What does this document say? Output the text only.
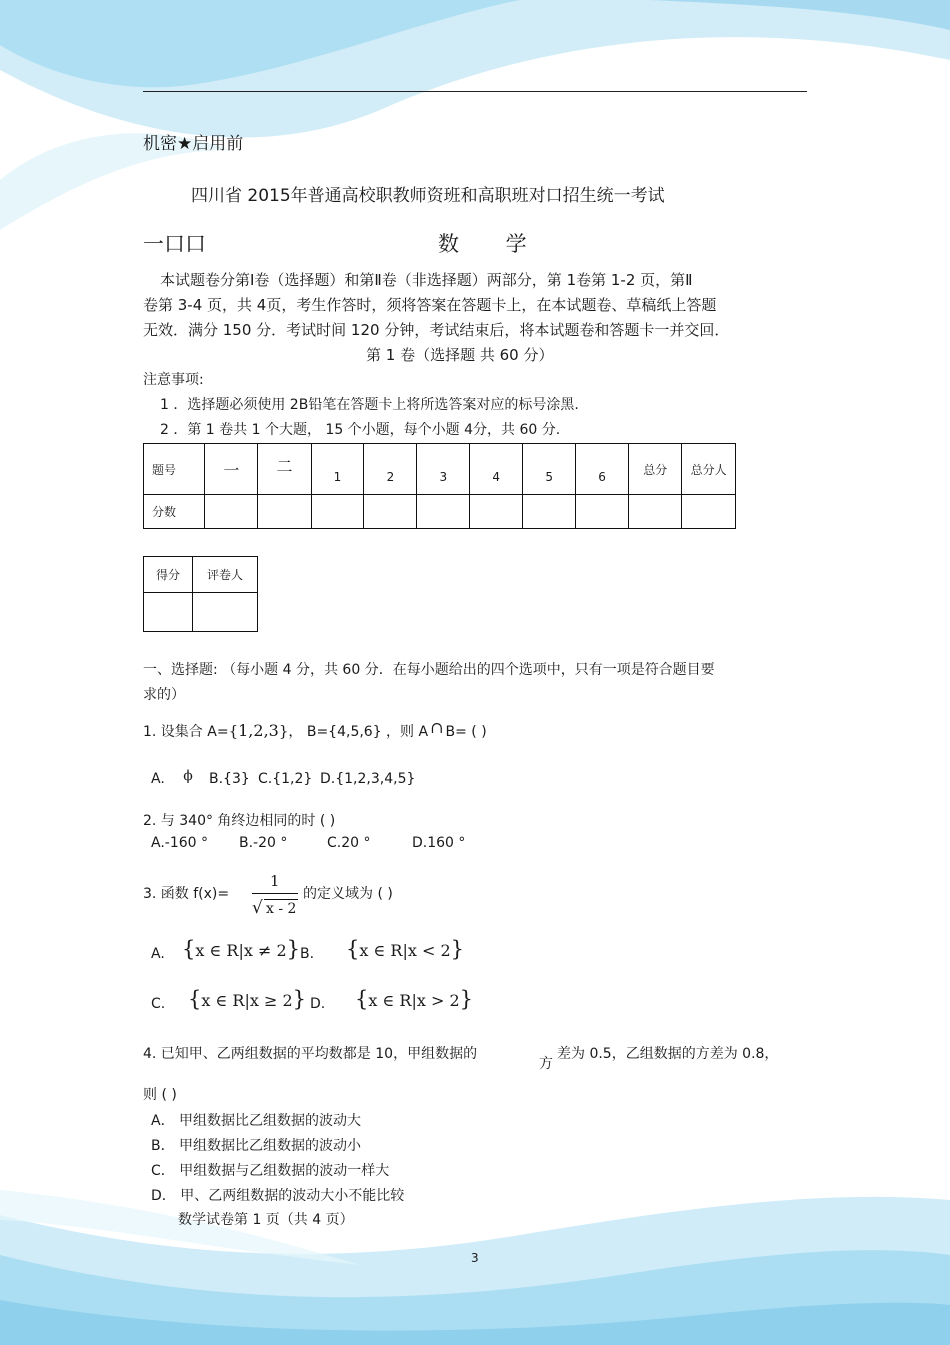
机密★启用前
四川省 2015年普通高校职教师资班和高职班对口招生统一考试
一口口	数 学
本试题卷分第Ⅰ卷（选择题）和第Ⅱ卷（非选择题）两部分，第 1卷第 1-2 页，第Ⅱ
卷第 3-4 页，共 4页，考生作答时，须将答案在答题卡上，在本试题卷、草稿纸上答题
无效．满分 150 分．考试时间 120 分钟，考试结束后，将本试题卷和答题卡一并交回．
第 1 卷（选择题 共 60 分）
注意事项:
1 ．选择题必须使用 2B铅笔在答题卡上将所选答案对应的标号涂黑.
2 ．第 1 卷共 1 个大题， 15 个小题，每个小题 4分，共 60 分.
题号	一	二	1	2	3	4	5	6	总分	总分人
分数										
得分	评卷人

一、选择题: （每小题 4 分，共 60 分．在每小题给出的四个选项中，只有一项是符合题目要
求的）
1. 设集合 A={1,2,3}， B={4,5,6} ，则 A ∩ B= ( )
A. ϕ B.{3} C.{1,2} D.{1,2,3,4,5}
2. 与 340° 角终边相同的时 ( )
A.-160 ° B.-20 °	C.20 °	D.160 °
3. 函数 f(x)=
1
√ x - 2
的定义域为 ( )
A. {x ∈ R|x ≠ 2} B. {x ∈ R|x < 2}
C. {x ∈ R|x ≥ 2} D. {x ∈ R|x > 2}
4. 已知甲、乙两组数据的平均数都是 10，甲组数据的
方
差为 0.5，乙组数据的方差为 0.8，
则 ( )
A． 甲组数据比乙组数据的波动大
B． 甲组数据比乙组数据的波动小
C． 甲组数据与乙组数据的波动一样大
D． 甲、乙两组数据的波动大小不能比较
数学试卷第 1 页（共 4 页）
3
